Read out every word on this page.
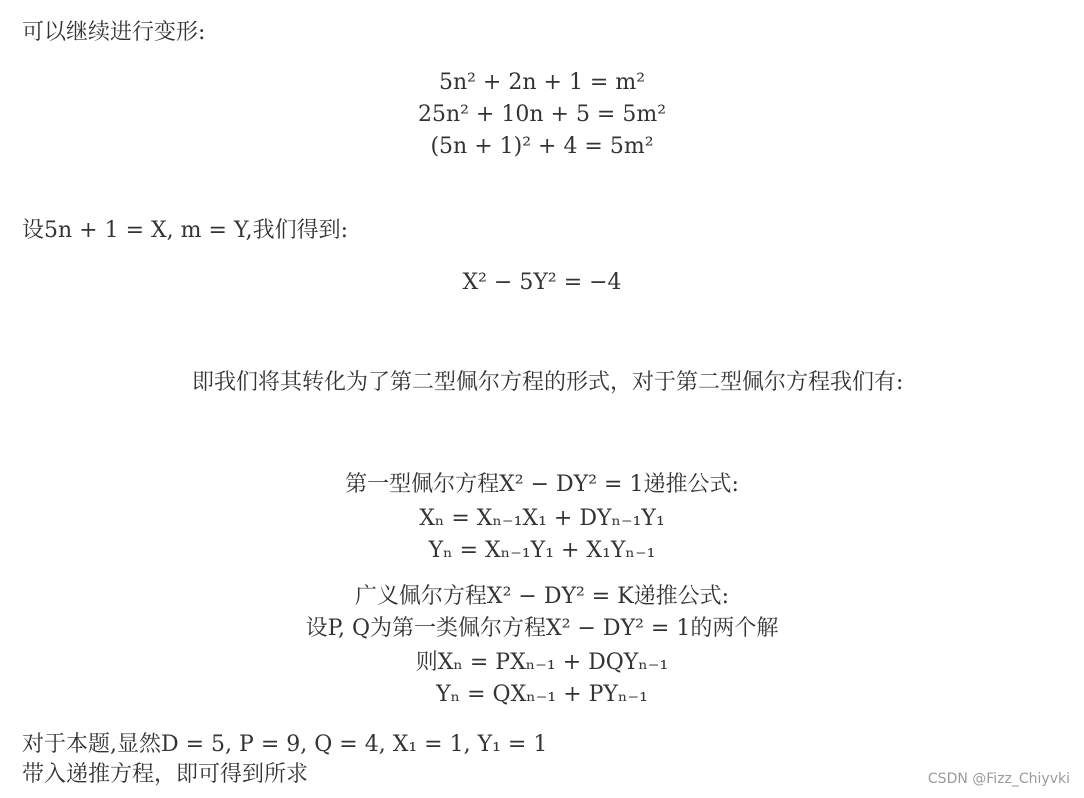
可以继续进行变形:
5n² + 2n + 1 = m²
25n² + 10n + 5 = 5m²
(5n + 1)² + 4 = 5m²
设5n + 1 = X, m = Y,我们得到:
X² − 5Y² = −4
即我们将其转化为了第二型佩尔方程的形式，对于第二型佩尔方程我们有:
第一型佩尔方程X² − DY² = 1递推公式:
Xₙ = Xₙ₋₁X₁ + DYₙ₋₁Y₁
Yₙ = Xₙ₋₁Y₁ + X₁Yₙ₋₁
广义佩尔方程X² − DY² = K递推公式:
设P, Q为第一类佩尔方程X² − DY² = 1的两个解
则Xₙ = PXₙ₋₁ + DQYₙ₋₁
Yₙ = QXₙ₋₁ + PYₙ₋₁
对于本题,显然D = 5, P = 9, Q = 4, X₁ = 1, Y₁ = 1
带入递推方程，即可得到所求	CSDN @Fizz_Chiyvki
